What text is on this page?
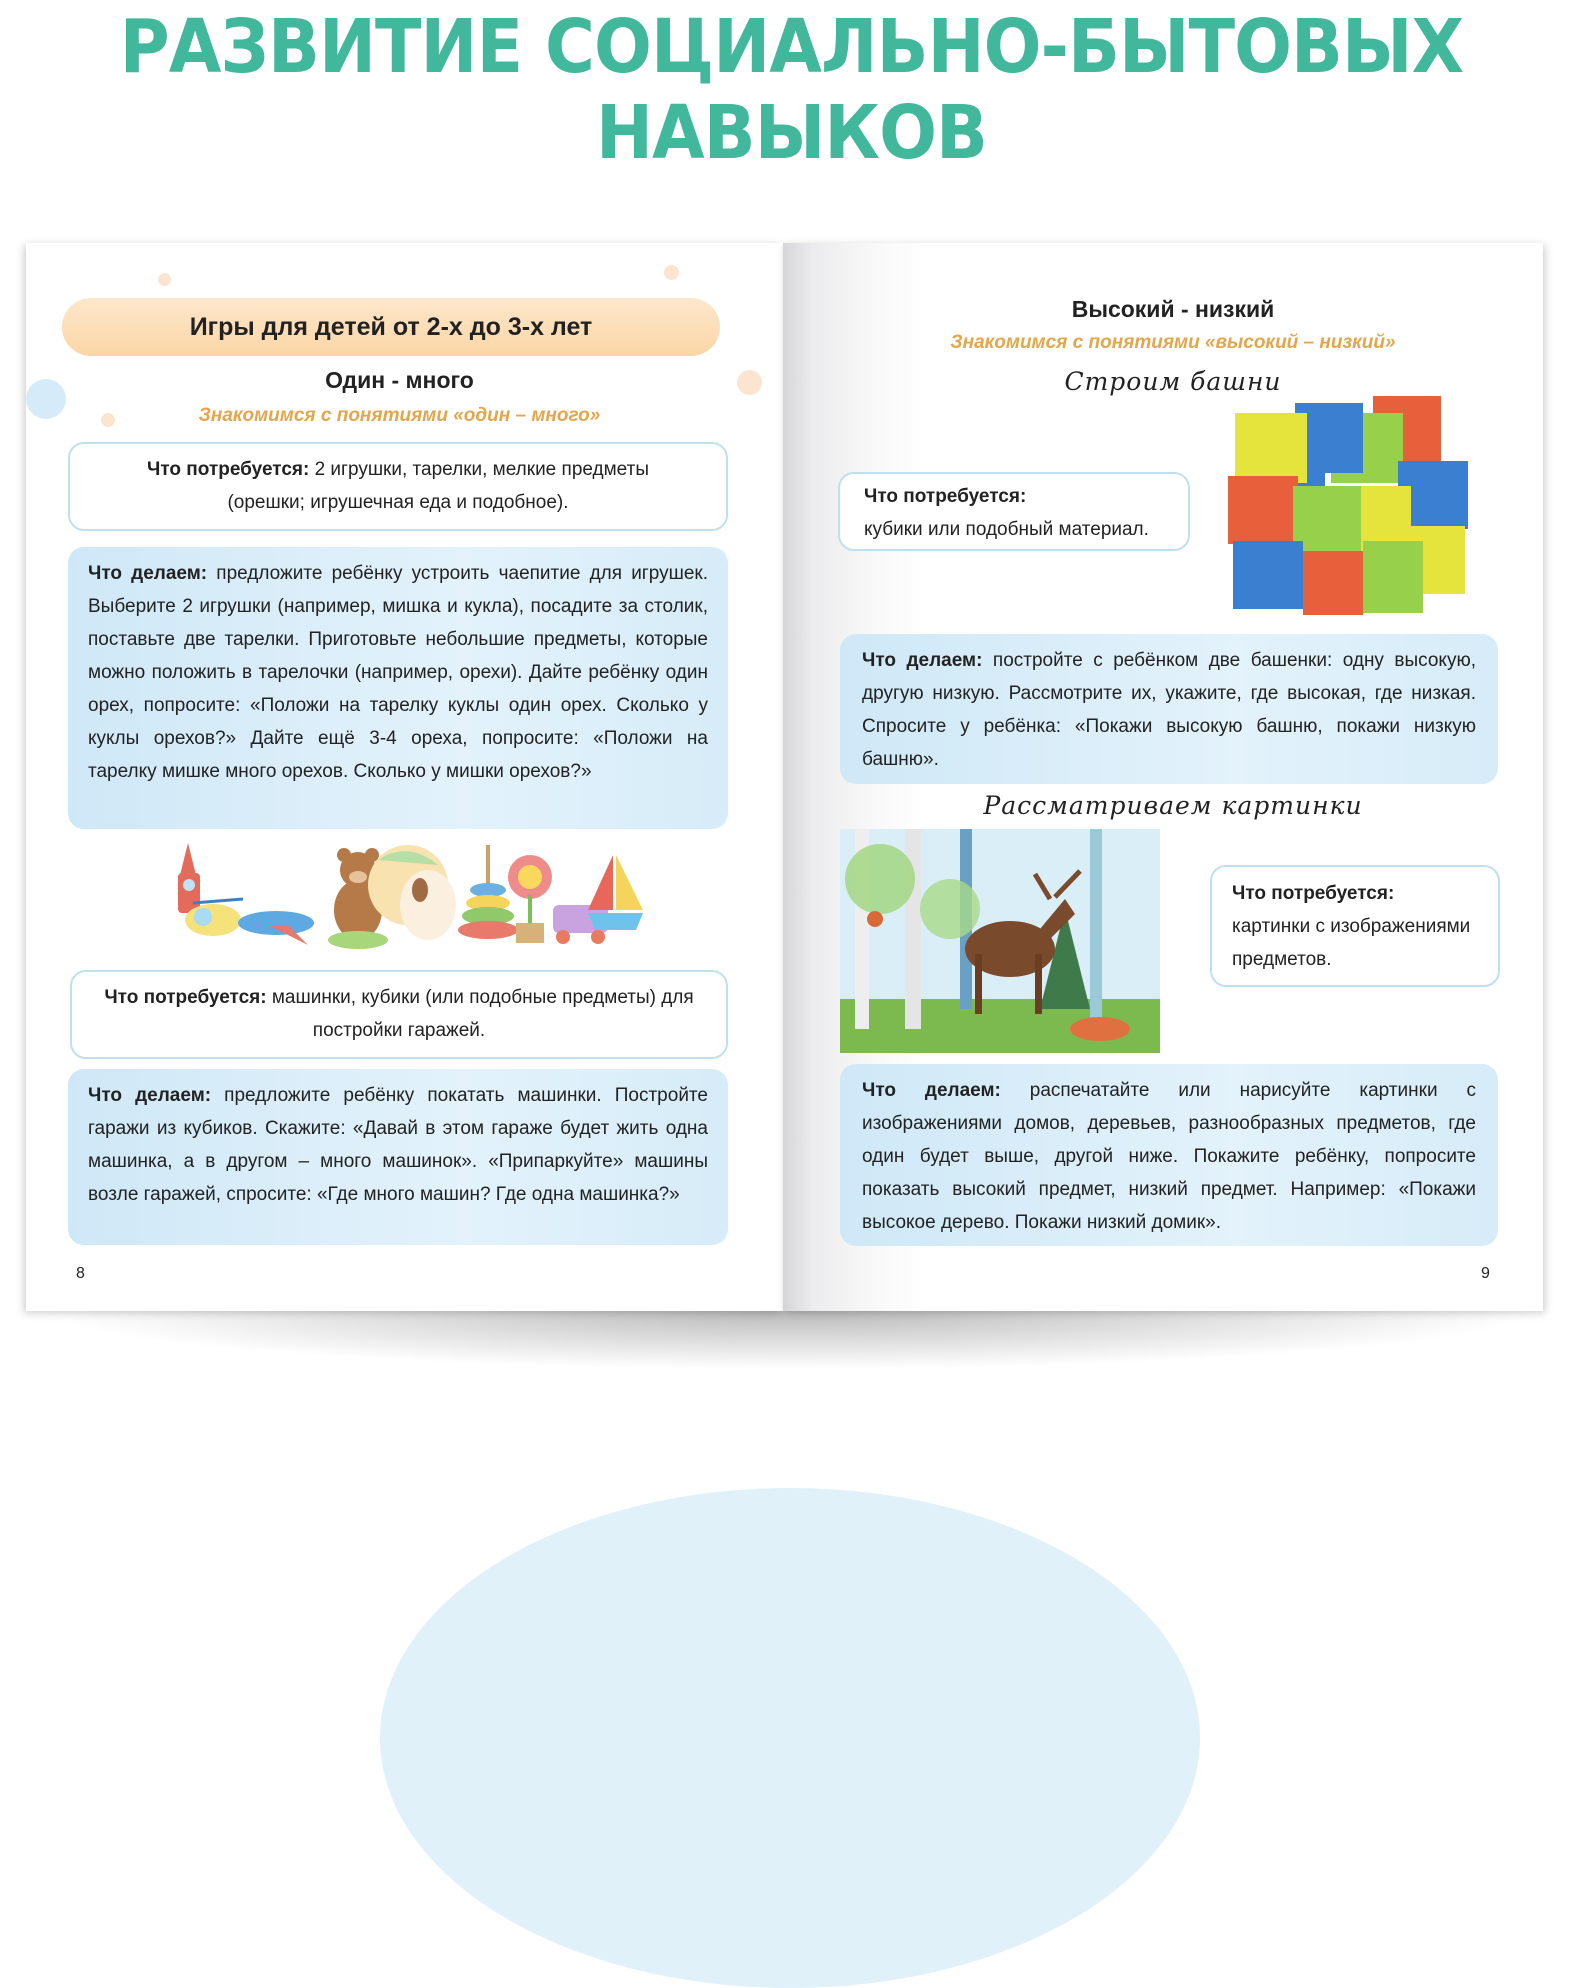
РАЗВИТИЕ СОЦИАЛЬНО-БЫТОВЫХ
НАВЫКОВ
Игры для детей от 2-х до 3-х лет
Один - много
Знакомимся с понятиями «один – много»
Что потребуется: 2 игрушки, тарелки, мелкие предметы (орешки; игрушечная еда и подобное).
Что делаем: предложите ребёнку устроить чаепитие для игрушек. Выберите 2 игрушки (например, мишка и кукла), посадите за столик, поставьте две тарелки. Приготовьте небольшие предметы, которые можно положить в тарелочки (например, орехи). Дайте ребёнку один орех, попросите: «Положи на тарелку куклы один орех. Сколько у куклы орехов?» Дайте ещё 3-4 ореха, попросите: «Положи на тарелку мишке много орехов. Сколько у мишки орехов?»
Что потребуется: машинки, кубики (или подобные предметы) для постройки гаражей.
Что делаем: предложите ребёнку покатать машинки. Постройте гаражи из кубиков. Скажите: «Давай в этом гараже будет жить одна машинка, а в другом – много машинок». «Припаркуйте» машины возле гаражей, спросите: «Где много машин? Где одна машинка?»
8
Высокий - низкий
Знакомимся с понятиями «высокий – низкий»
Строим башни
Что потребуется:
кубики или подобный материал.
Что делаем: постройте с ребёнком две башенки: одну высокую, другую низкую. Рассмотрите их, укажите, где высокая, где низкая. Спросите у ребёнка: «Покажи высокую башню, покажи низкую башню».
Рассматриваем картинки
Что потребуется:
картинки с изображениями предметов.
Что делаем: распечатайте или нарисуйте картинки с изображениями домов, деревьев, разнообразных предметов, где один будет выше, другой ниже. Покажите ребёнку, попросите показать высокий предмет, низкий предмет. Например: «Покажи высокое дерево. Покажи низкий домик».
9
